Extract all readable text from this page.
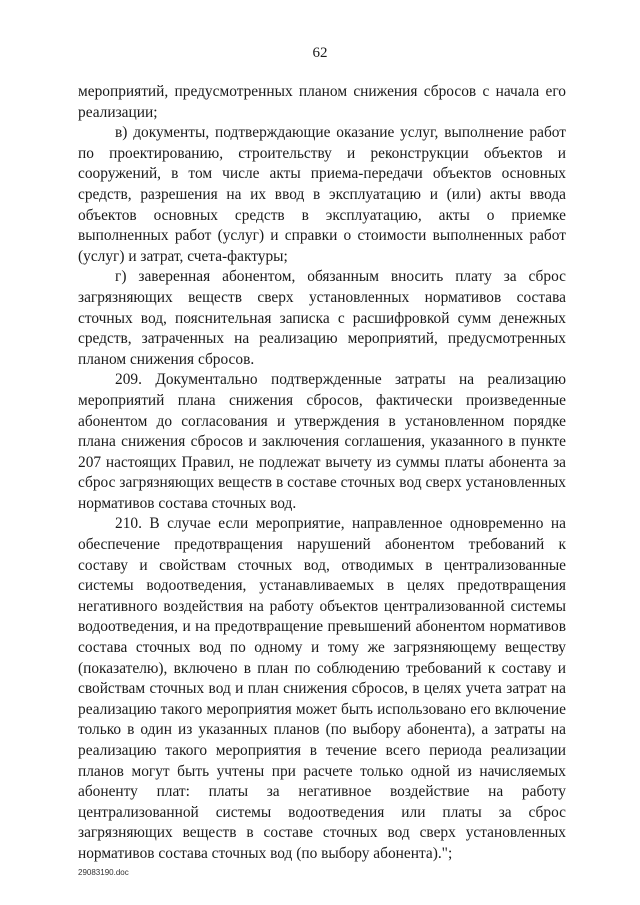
62

мероприятий, предусмотренных планом снижения сбросов с начала его реализации;

в) документы, подтверждающие оказание услуг, выполнение работ по проектированию, строительству и реконструкции объектов и сооружений, в том числе акты приема-передачи объектов основных средств, разрешения на их ввод в эксплуатацию и (или) акты ввода объектов основных средств в эксплуатацию, акты о приемке выполненных работ (услуг) и справки о стоимости выполненных работ (услуг) и затрат, счета-фактуры;

г) заверенная абонентом, обязанным вносить плату за сброс загрязняющих веществ сверх установленных нормативов состава сточных вод, пояснительная записка с расшифровкой сумм денежных средств, затраченных на реализацию мероприятий, предусмотренных планом снижения сбросов.

209. Документально подтвержденные затраты на реализацию мероприятий плана снижения сбросов, фактически произведенные абонентом до согласования и утверждения в установленном порядке плана снижения сбросов и заключения соглашения, указанного в пункте 207 настоящих Правил, не подлежат вычету из суммы платы абонента за сброс загрязняющих веществ в составе сточных вод сверх установленных нормативов состава сточных вод.

210. В случае если мероприятие, направленное одновременно на обеспечение предотвращения нарушений абонентом требований к составу и свойствам сточных вод, отводимых в централизованные системы водоотведения, устанавливаемых в целях предотвращения негативного воздействия на работу объектов централизованной системы водоотведения, и на предотвращение превышений абонентом нормативов состава сточных вод по одному и тому же загрязняющему веществу (показателю), включено в план по соблюдению требований к составу и свойствам сточных вод и план снижения сбросов, в целях учета затрат на реализацию такого мероприятия может быть использовано его включение только в один из указанных планов (по выбору абонента), а затраты на реализацию такого мероприятия в течение всего периода реализации планов могут быть учтены при расчете только одной из начисляемых абоненту плат: платы за негативное воздействие на работу централизованной системы водоотведения или платы за сброс загрязняющих веществ в составе сточных вод сверх установленных нормативов состава сточных вод (по выбору абонента).";

29083190.doc
